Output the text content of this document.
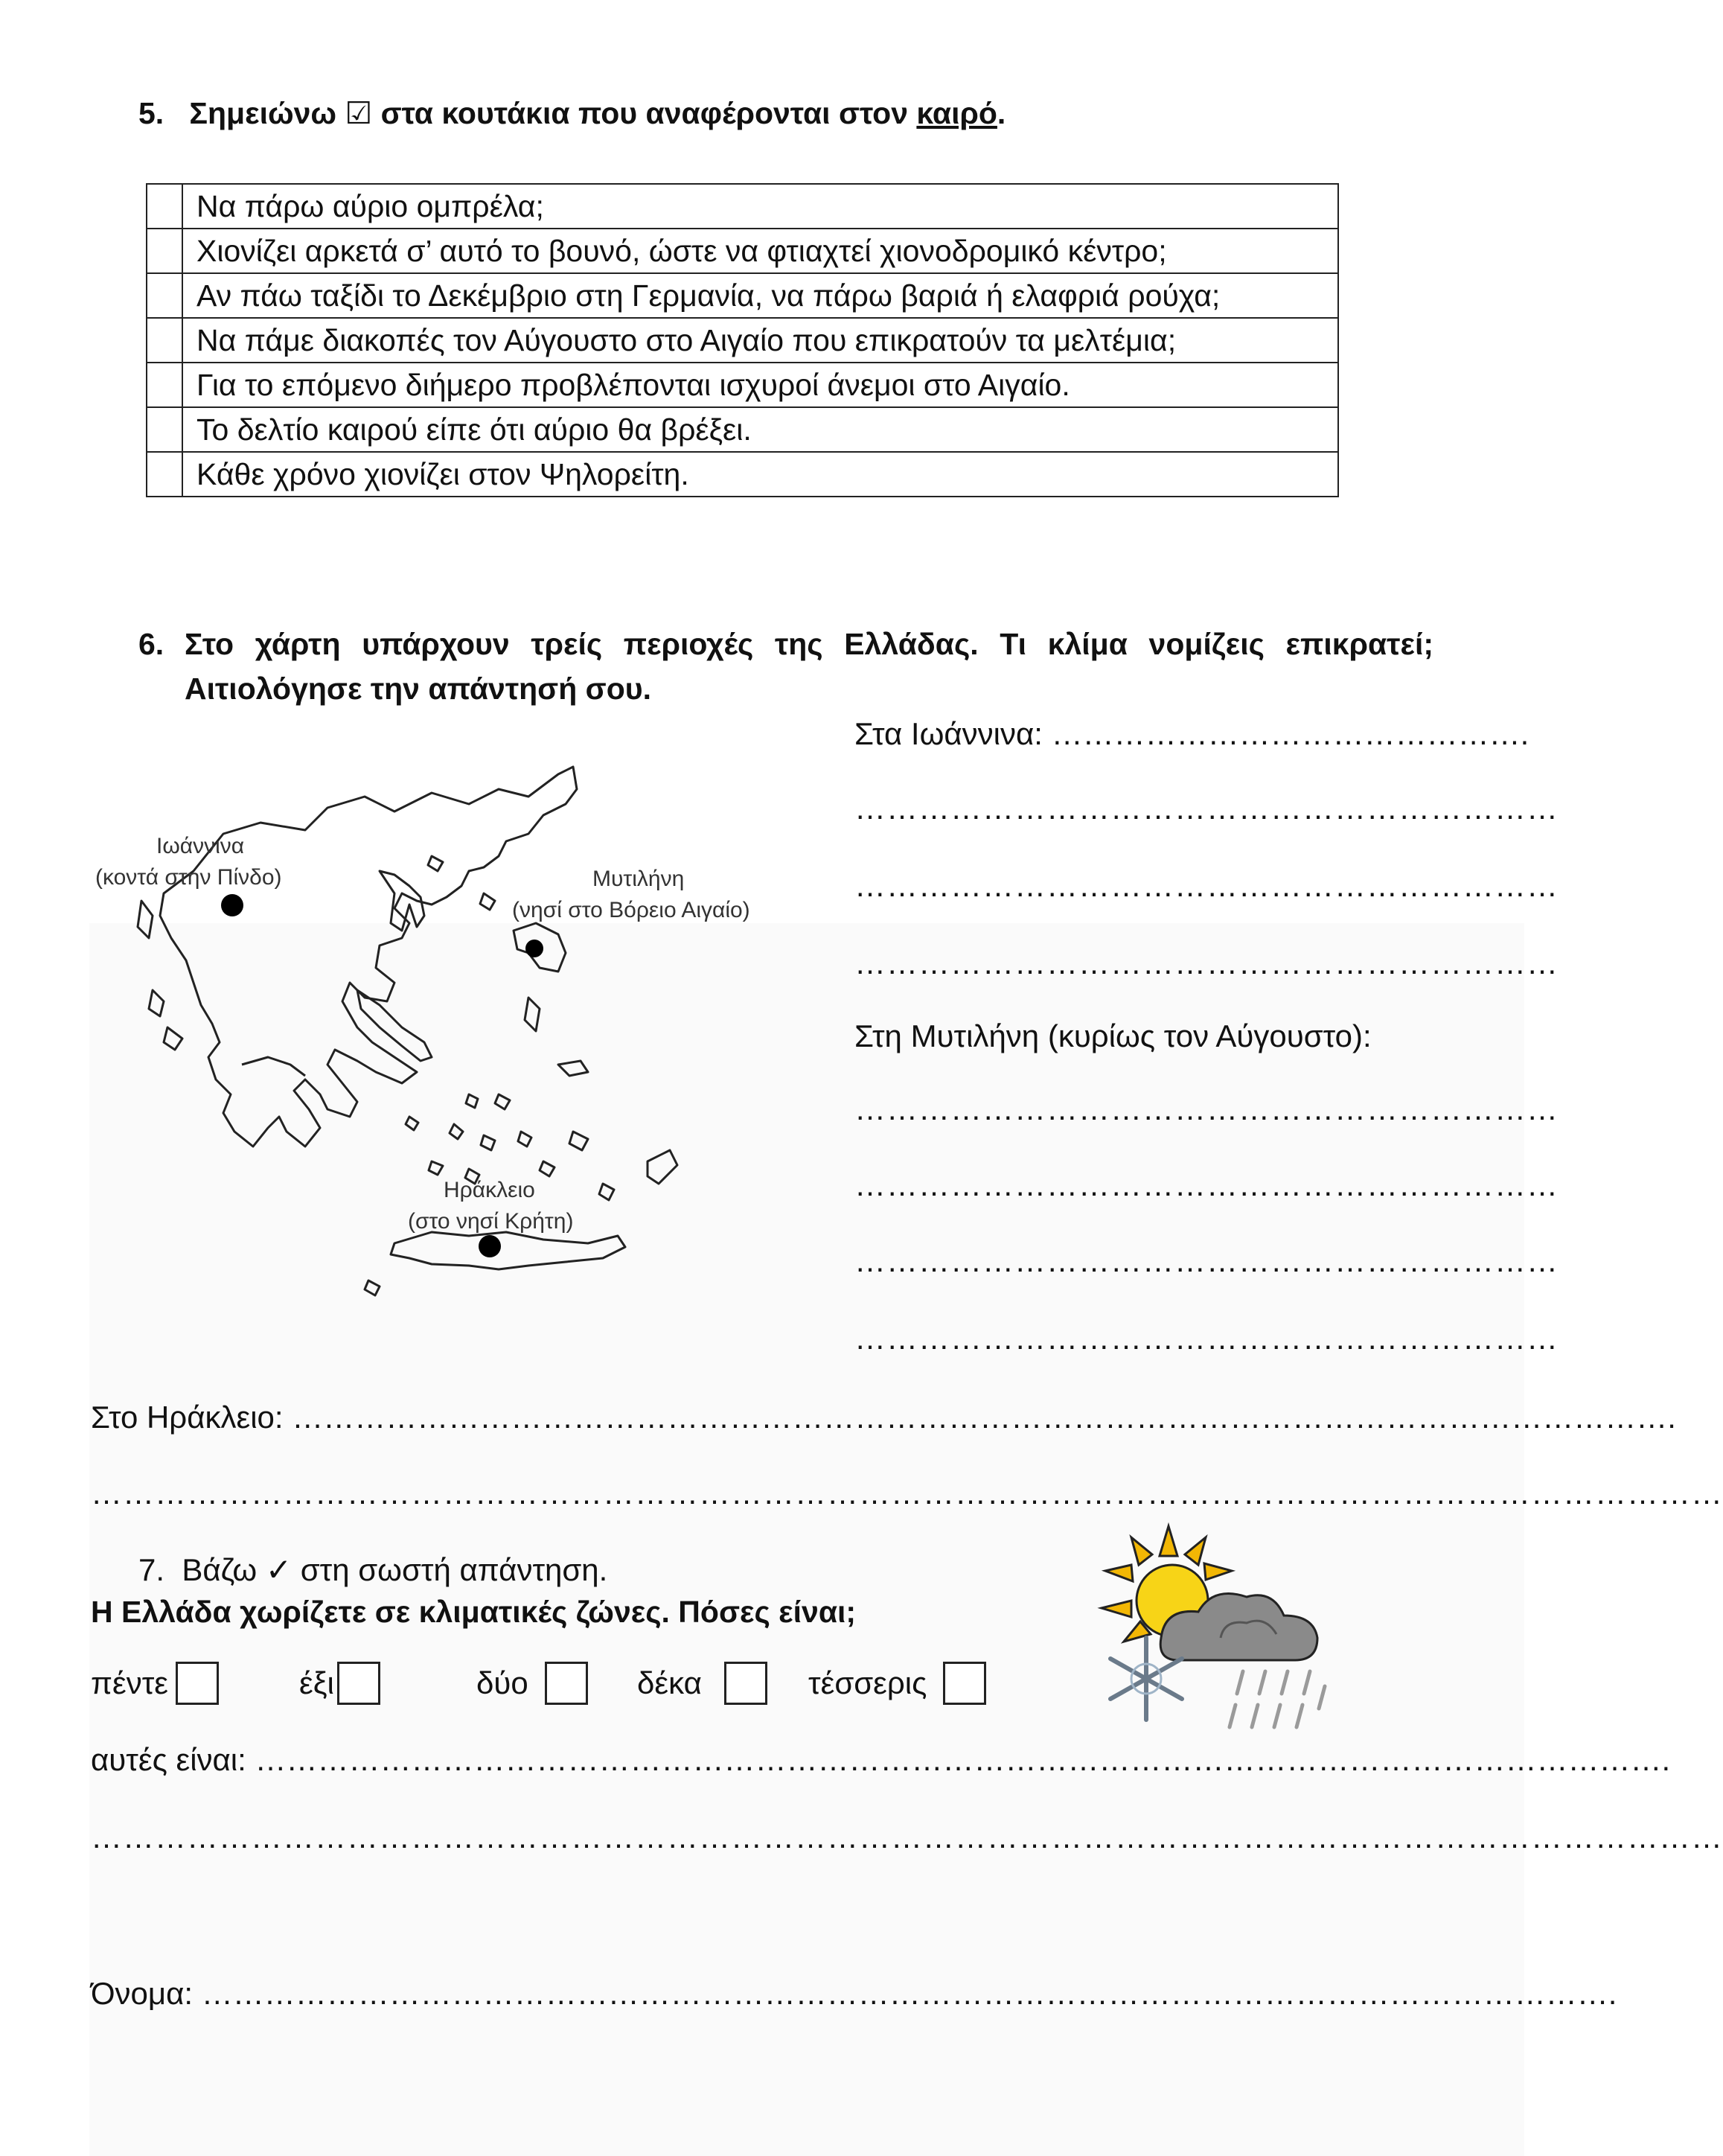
5. Σημειώνω ☑ στα κουτάκια που αναφέρονται στον καιρό.
	Να πάρω αύριο ομπρέλα;
	Χιονίζει αρκετά σ’ αυτό το βουνό, ώστε να φτιαχτεί χιονοδρομικό κέντρο;
	Αν πάω ταξίδι το Δεκέμβριο στη Γερμανία, να πάρω βαριά ή ελαφριά ρούχα;
	Να πάμε διακοπές τον Αύγουστο στο Αιγαίο που επικρατούν τα μελτέμια;
	Για το επόμενο διήμερο προβλέπονται ισχυροί άνεμοι στο Αιγαίο.
	Το δελτίο καιρού είπε ότι αύριο θα βρέξει.
	Κάθε χρόνο χιονίζει στον Ψηλορείτη.
6. Στο χάρτη υπάρχουν τρείς περιοχές της Ελλάδας. Τι κλίμα νομίζεις επικρατεί;
Αιτιολόγησε την απάντησή σου.
Στα Ιωάννινα: ……………………………………….
…………………………………………………………
…………………………………………………………
…………………………………………………………
Στη Μυτιλήνη (κυρίως τον Αύγουστο):
…………………………………………………………
…………………………………………………………
…………………………………………………………
…………………………………………………………
Ιωάννινα
(κοντά στην Πίνδο)	Μυτιλήνη
(νησί στο Βόρειο Αιγαίο)
Ηράκλειο
(στο νησί Κρήτη)
Στο Ηράκλειο: …………………………………………………………………………………………………………………….
………………………………………………………………………………………………………………………………………
7. Βάζω ✓ στη σωστή απάντηση.
Η Ελλάδα χωρίζετε σε κλιματικές ζώνες. Πόσες είναι;
πέντε	έξι	δύο	δέκα	τέσσερις
αυτές είναι: ……………………………………………………………………………………………………………………….
………………………………………………………………………………………………………………………………………
Όνομα: ……………………………………………………………………………………………………………………….
